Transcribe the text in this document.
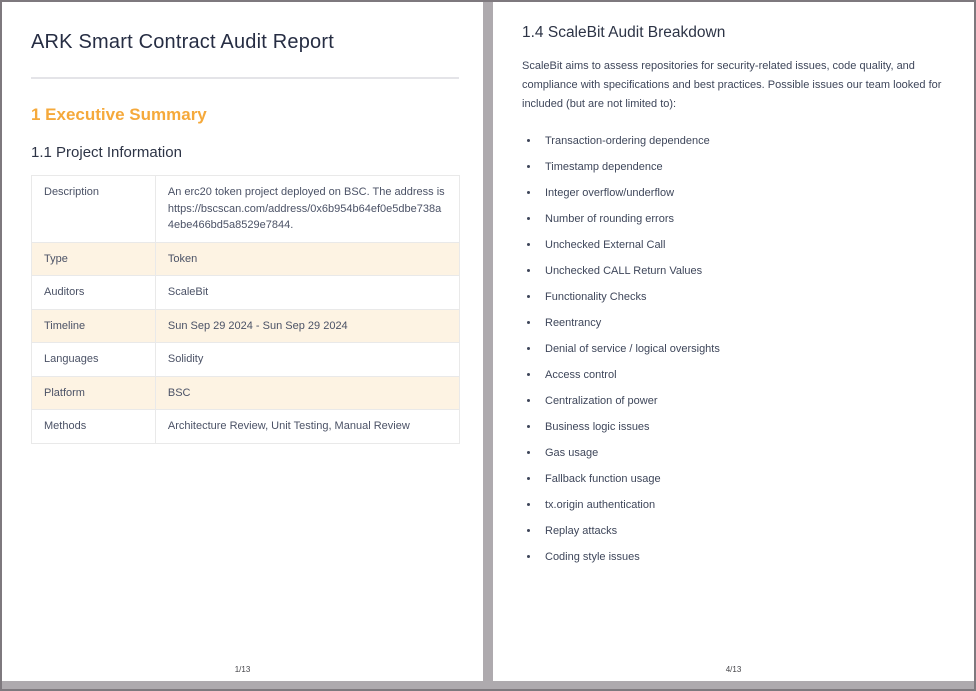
ARK Smart Contract Audit Report
1 Executive Summary
1.1 Project Information
Description	An erc20 token project deployed on BSC. The address is https://bscscan.com/address/0x6b954b64ef0e5dbe738a4ebe466bd5a8529e7844.
Type	Token
Auditors	ScaleBit
Timeline	Sun Sep 29 2024 - Sun Sep 29 2024
Languages	Solidity
Platform	BSC
Methods	Architecture Review, Unit Testing, Manual Review
1/13
1.4 ScaleBit Audit Breakdown

ScaleBit aims to assess repositories for security-related issues, code quality, and compliance with specifications and best practices. Possible issues our team looked for included (but are not limited to):

• Transaction-ordering dependence
• Timestamp dependence
• Integer overflow/underflow
• Number of rounding errors
• Unchecked External Call
• Unchecked CALL Return Values
• Functionality Checks
• Reentrancy
• Denial of service / logical oversights
• Access control
• Centralization of power
• Business logic issues
• Gas usage
• Fallback function usage
• tx.origin authentication
• Replay attacks
• Coding style issues
4/13
